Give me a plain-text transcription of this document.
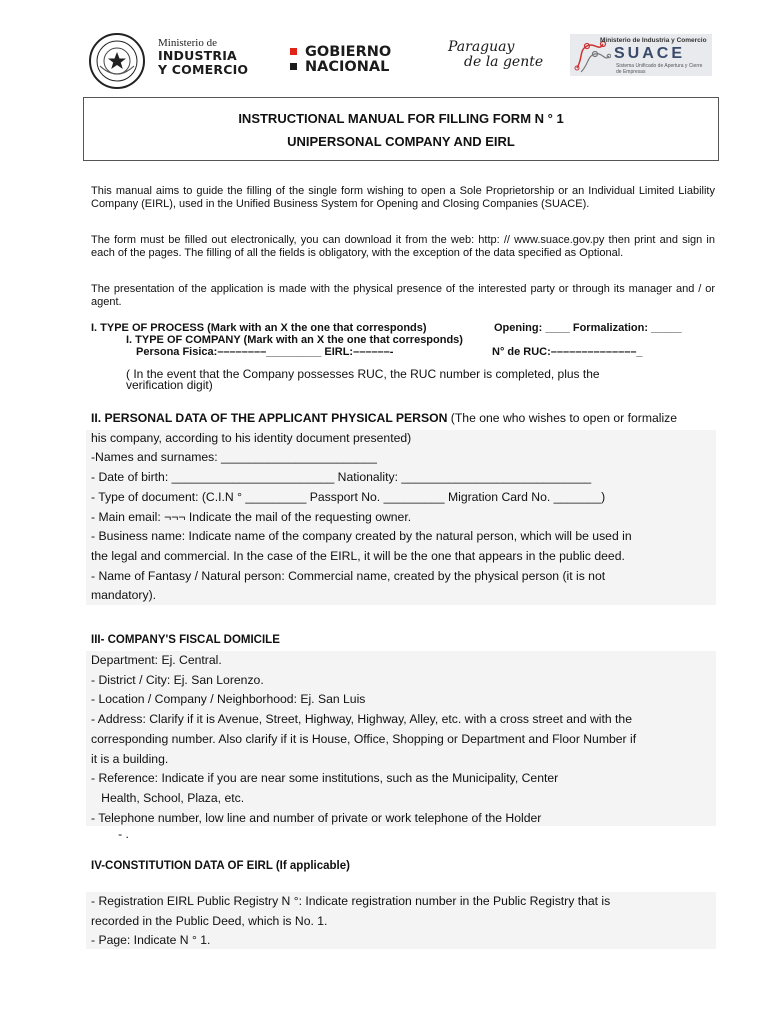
Ministerio de
INDUSTRIA
Y COMERCIO
GOBIERNO
NACIONAL
Paraguay
de la gente
Ministerio de Industria y Comercio
SUACE
Sistema Unificado de Apertura y Cierre de Empresas
INSTRUCTIONAL MANUAL FOR FILLING FORM N ° 1
UNIPERSONAL COMPANY AND EIRL
This manual aims to guide the filling of the single form wishing to open a Sole Proprietorship or an Individual Limited Liability Company (EIRL), used in the Unified Business System for Opening and Closing Companies (SUACE).
The form must be filled out electronically, you can download it from the web: http: // www.suace.gov.py then print and sign in each of the pages. The filling of all the fields is obligatory, with the exception of the data specified as Optional.
The presentation of the application is made with the physical presence of the interested party or through its manager and / or agent.
I. TYPE OF PROCESS (Mark with an X the one that corresponds)	Opening: ____ Formalization: _____
I. TYPE OF COMPANY (Mark with an X the one that corresponds)
Persona Fisica:––––––––_________ EIRL:––––––-	N° de RUC:––––––––––––––_
( In the event that the Company possesses RUC, the RUC number is completed, plus the
verification digit)
II. PERSONAL DATA OF THE APPLICANT PHYSICAL PERSON (The one who wishes to open or formalize
his company, according to his identity document presented)
-Names and surnames: _______________________
- Date of birth: ________________________ Nationality: ____________________________
- Type of document: (C.I.N ° _________ Passport No. _________ Migration Card No. _______)
- Main email: ¬¬¬ Indicate the mail of the requesting owner.
- Business name: Indicate name of the company created by the natural person, which will be used in
the legal and commercial. In the case of the EIRL, it will be the one that appears in the public deed.
- Name of Fantasy / Natural person: Commercial name, created by the physical person (it is not
mandatory).
III- COMPANY'S FISCAL DOMICILE
Department: Ej. Central.
- District / City: Ej. San Lorenzo.
- Location / Company / Neighborhood: Ej. San Luis
- Address: Clarify if it is Avenue, Street, Highway, Highway, Alley, etc. with a cross street and with the
corresponding number. Also clarify if it is House, Office, Shopping or Department and Floor Number if
it is a building.
- Reference: Indicate if you are near some institutions, such as the Municipality, Center
Health, School, Plaza, etc.
- Telephone number, low line and number of private or work telephone of the Holder
- .
IV-CONSTITUTION DATA OF EIRL (If applicable)
- Registration EIRL Public Registry N °: Indicate registration number in the Public Registry that is
recorded in the Public Deed, which is No. 1.
- Page: Indicate N ° 1.
